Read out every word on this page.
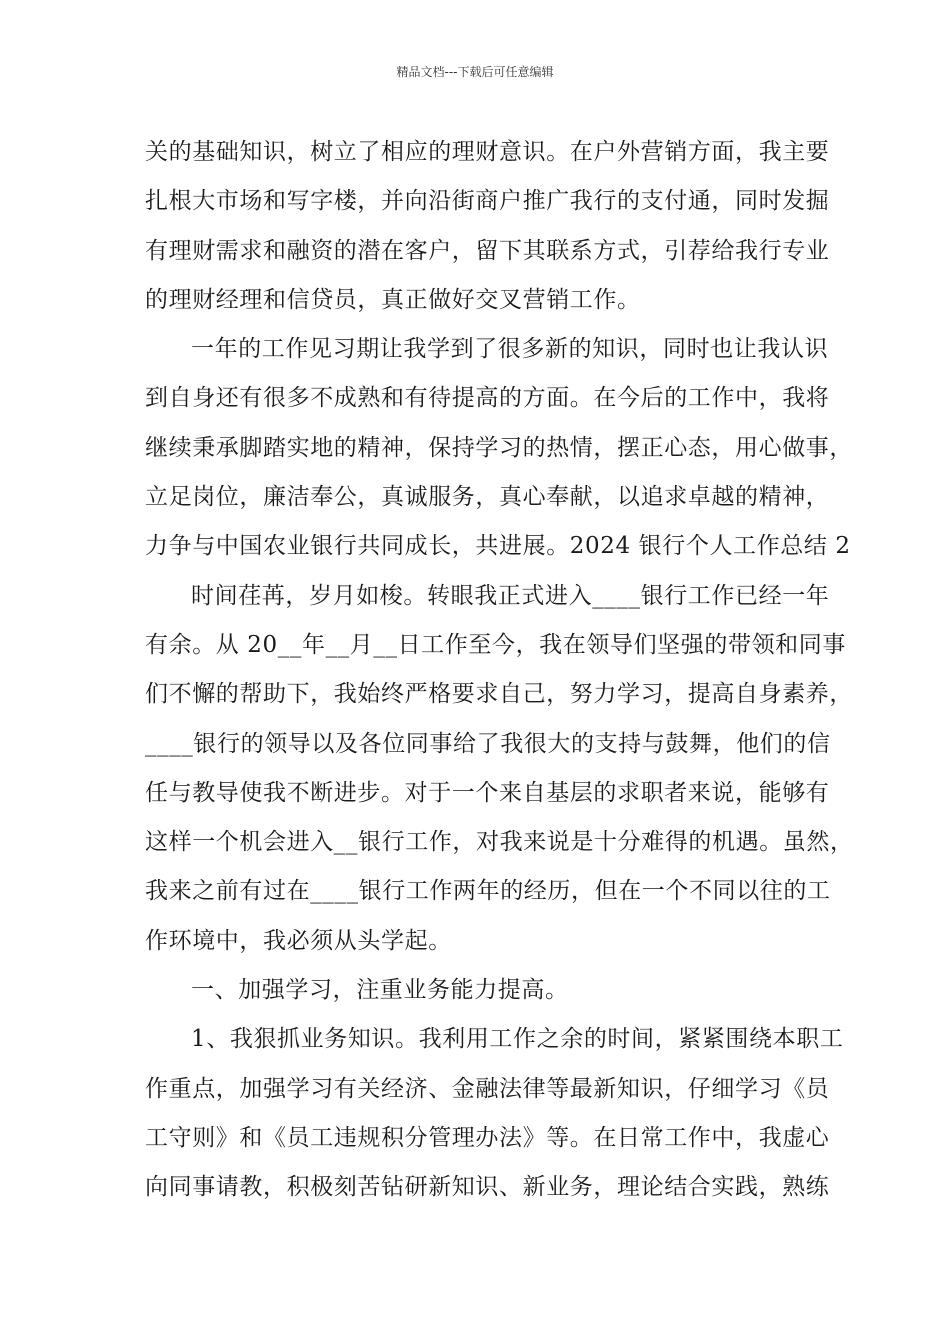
精品文档---下载后可任意编辑
关的基础知识，树立了相应的理财意识。在户外营销方面，我主要
扎根大市场和写字楼，并向沿街商户推广我行的支付通，同时发掘
有理财需求和融资的潜在客户，留下其联系方式，引荐给我行专业
的理财经理和信贷员，真正做好交叉营销工作。
一年的工作见习期让我学到了很多新的知识，同时也让我认识
到自身还有很多不成熟和有待提高的方面。在今后的工作中，我将
继续秉承脚踏实地的精神，保持学习的热情，摆正心态，用心做事，
立足岗位，廉洁奉公，真诚服务，真心奉献，以追求卓越的精神，
力争与中国农业银行共同成长，共进展。2024 银行个人工作总结 2
时间荏苒，岁月如梭。转眼我正式进入____银行工作已经一年
有余。从 20__年__月__日工作至今，我在领导们坚强的带领和同事
们不懈的帮助下，我始终严格要求自己，努力学习，提高自身素养，
____银行的领导以及各位同事给了我很大的支持与鼓舞，他们的信
任与教导使我不断进步。对于一个来自基层的求职者来说，能够有
这样一个机会进入__银行工作，对我来说是十分难得的机遇。虽然，
我来之前有过在____银行工作两年的经历，但在一个不同以往的工
作环境中，我必须从头学起。
一、加强学习，注重业务能力提高。
1、我狠抓业务知识。我利用工作之余的时间，紧紧围绕本职工
作重点，加强学习有关经济、金融法律等最新知识，仔细学习《员
工守则》和《员工违规积分管理办法》等。在日常工作中，我虚心
向同事请教，积极刻苦钻研新知识、新业务，理论结合实践，熟练
